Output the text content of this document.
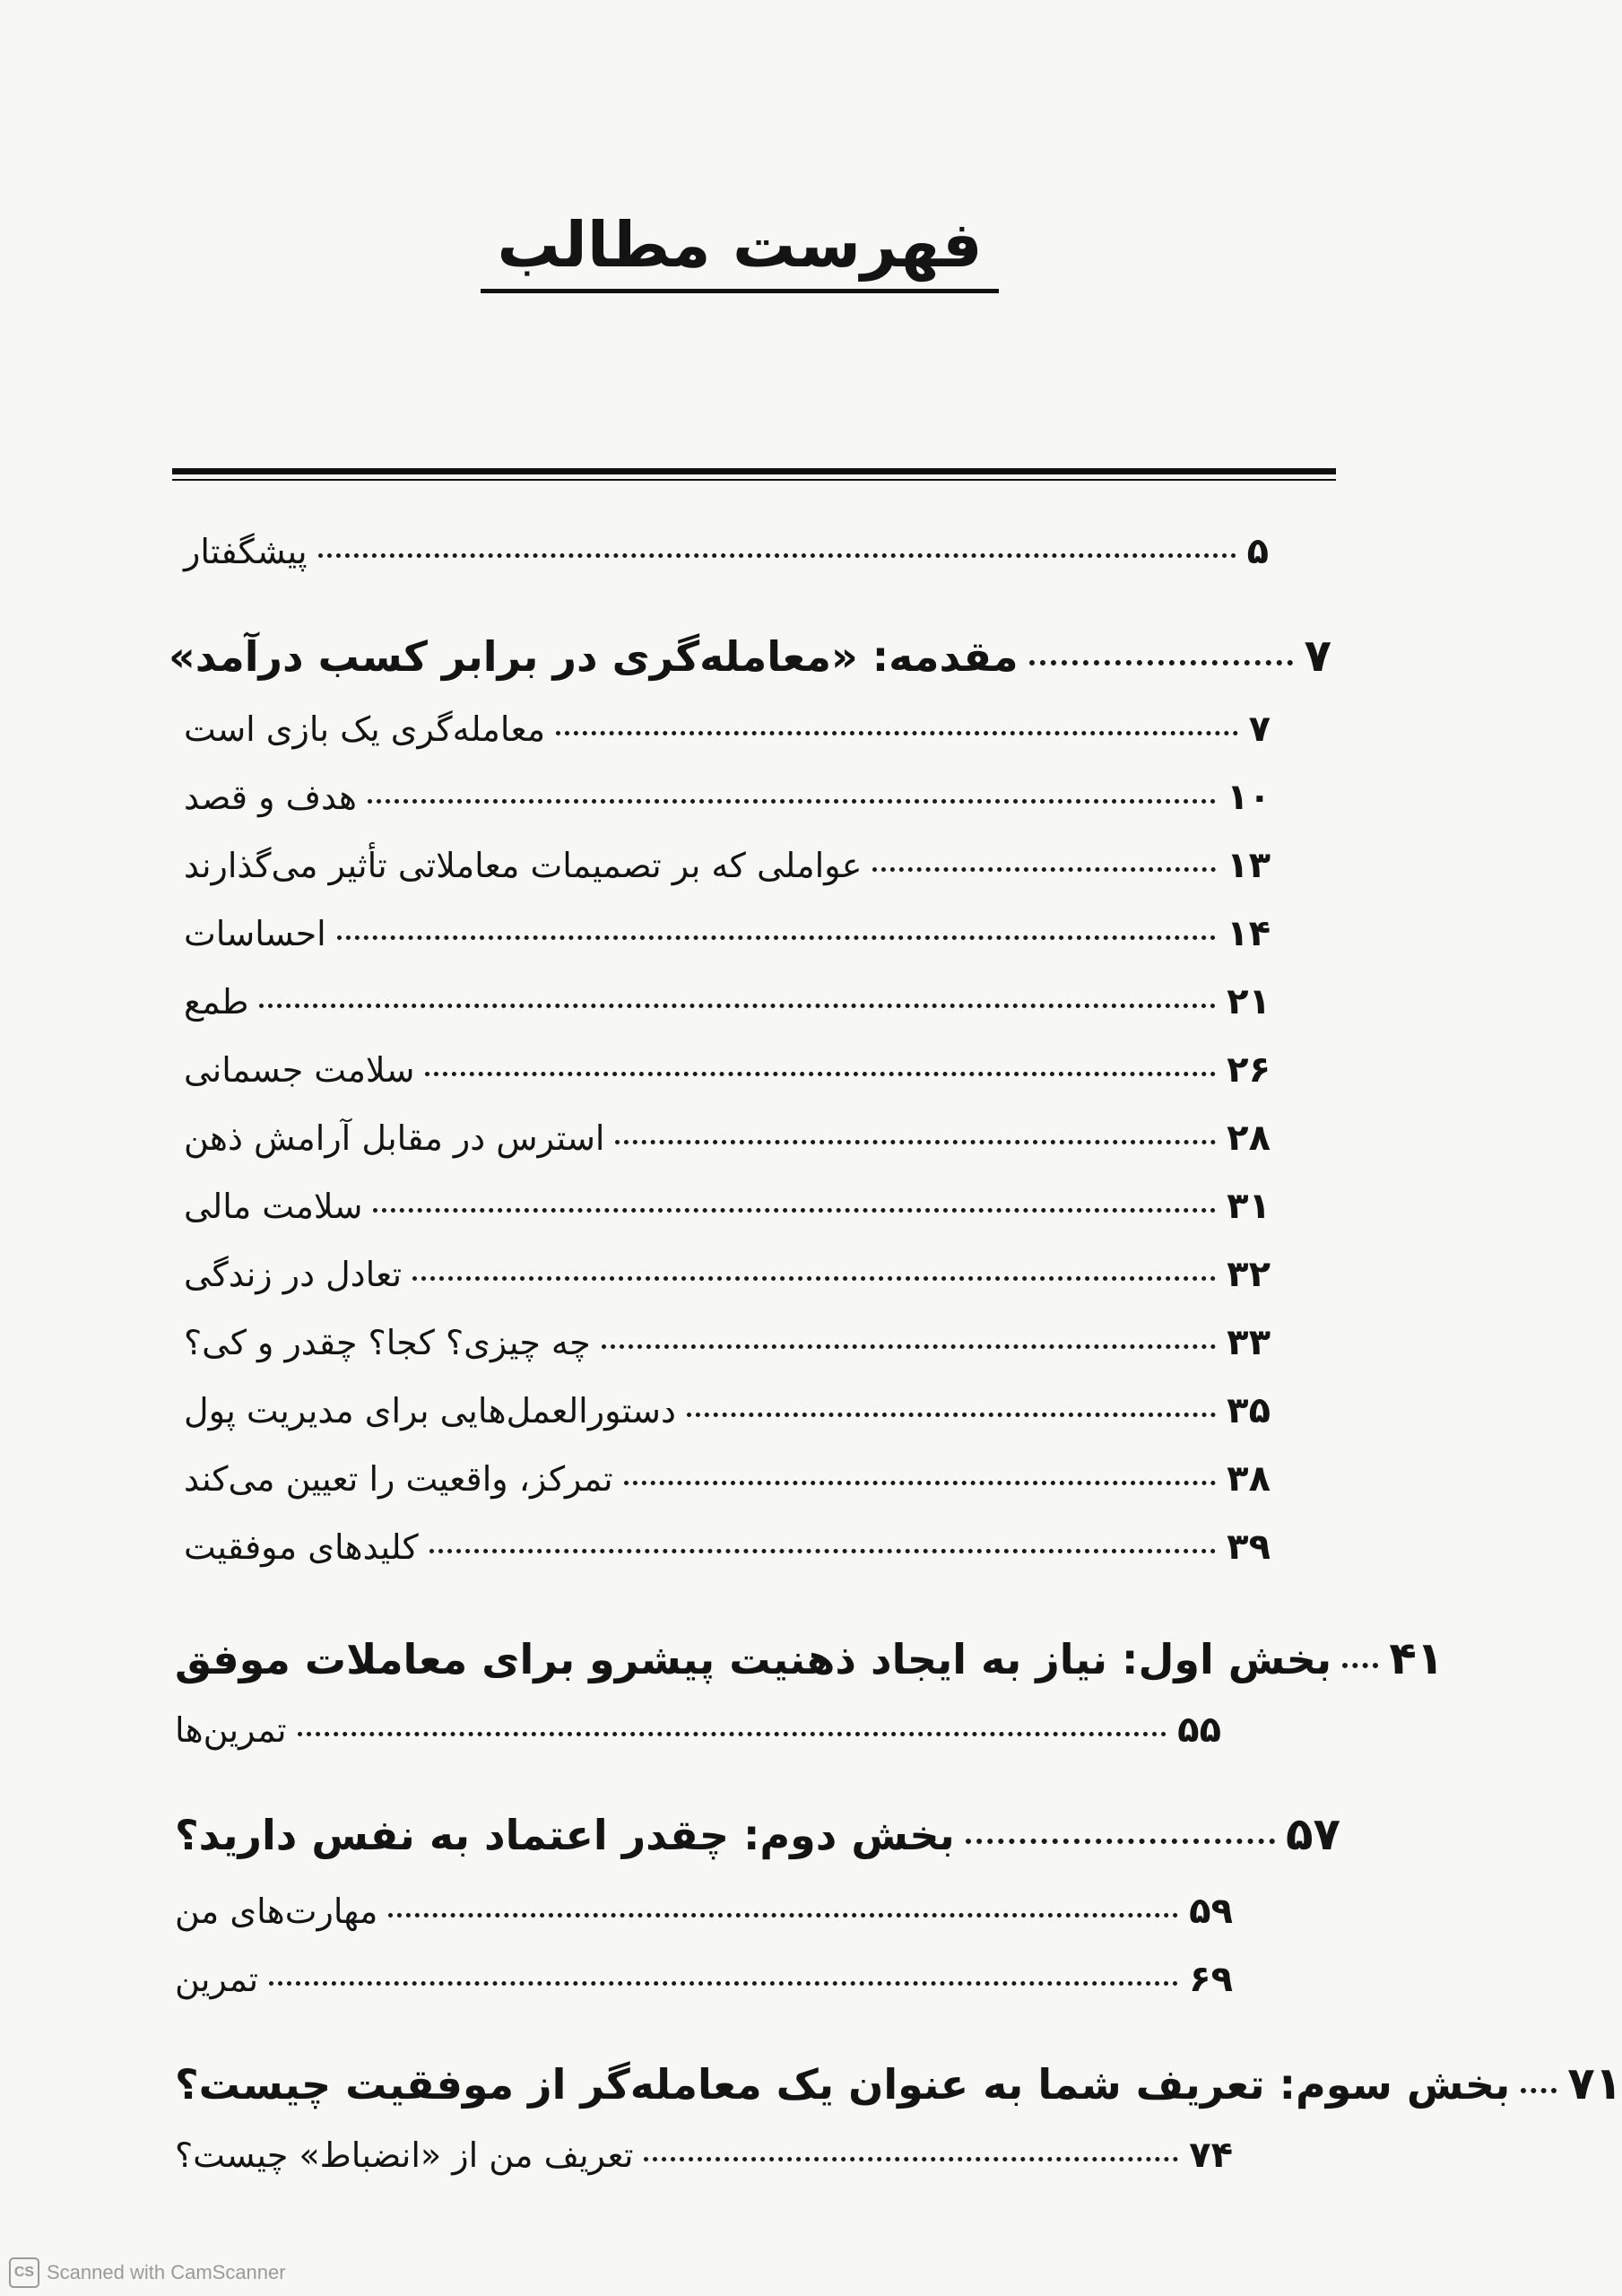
فهرست مطالب
پیشگفتار	۵
مقدمه: «معامله‌گری در برابر کسب درآمد»	۷
معامله‌گری یک بازی است	۷
هدف و قصد	۱۰
عواملی که بر تصمیمات معاملاتی تأثیر می‌گذارند	۱۳
احساسات	۱۴
طمع	۲۱
سلامت جسمانی	۲۶
استرس در مقابل آرامش ذهن	۲۸
سلامت مالی	۳۱
تعادل در زندگی	۳۲
چه چیزی؟ کجا؟ چقدر و کی؟	۳۳
دستورالعمل‌هایی برای مدیریت پول	۳۵
تمرکز، واقعیت را تعیین می‌کند	۳۸
کلیدهای موفقیت	۳۹
بخش اول: نیاز به ایجاد ذهنیت پیشرو برای معاملات موفق ۴۱
تمرین‌ها	۵۵
بخش دوم: چقدر اعتماد به نفس دارید؟	۵۷
مهارت‌های من	۵۹
تمرین	۶۹
بخش سوم: تعریف شما به عنوان یک معامله‌گر از موفقیت چیست؟ ۷۱
تعریف من از «انضباط» چیست؟	۷۴
CS Scanned with CamScanner
